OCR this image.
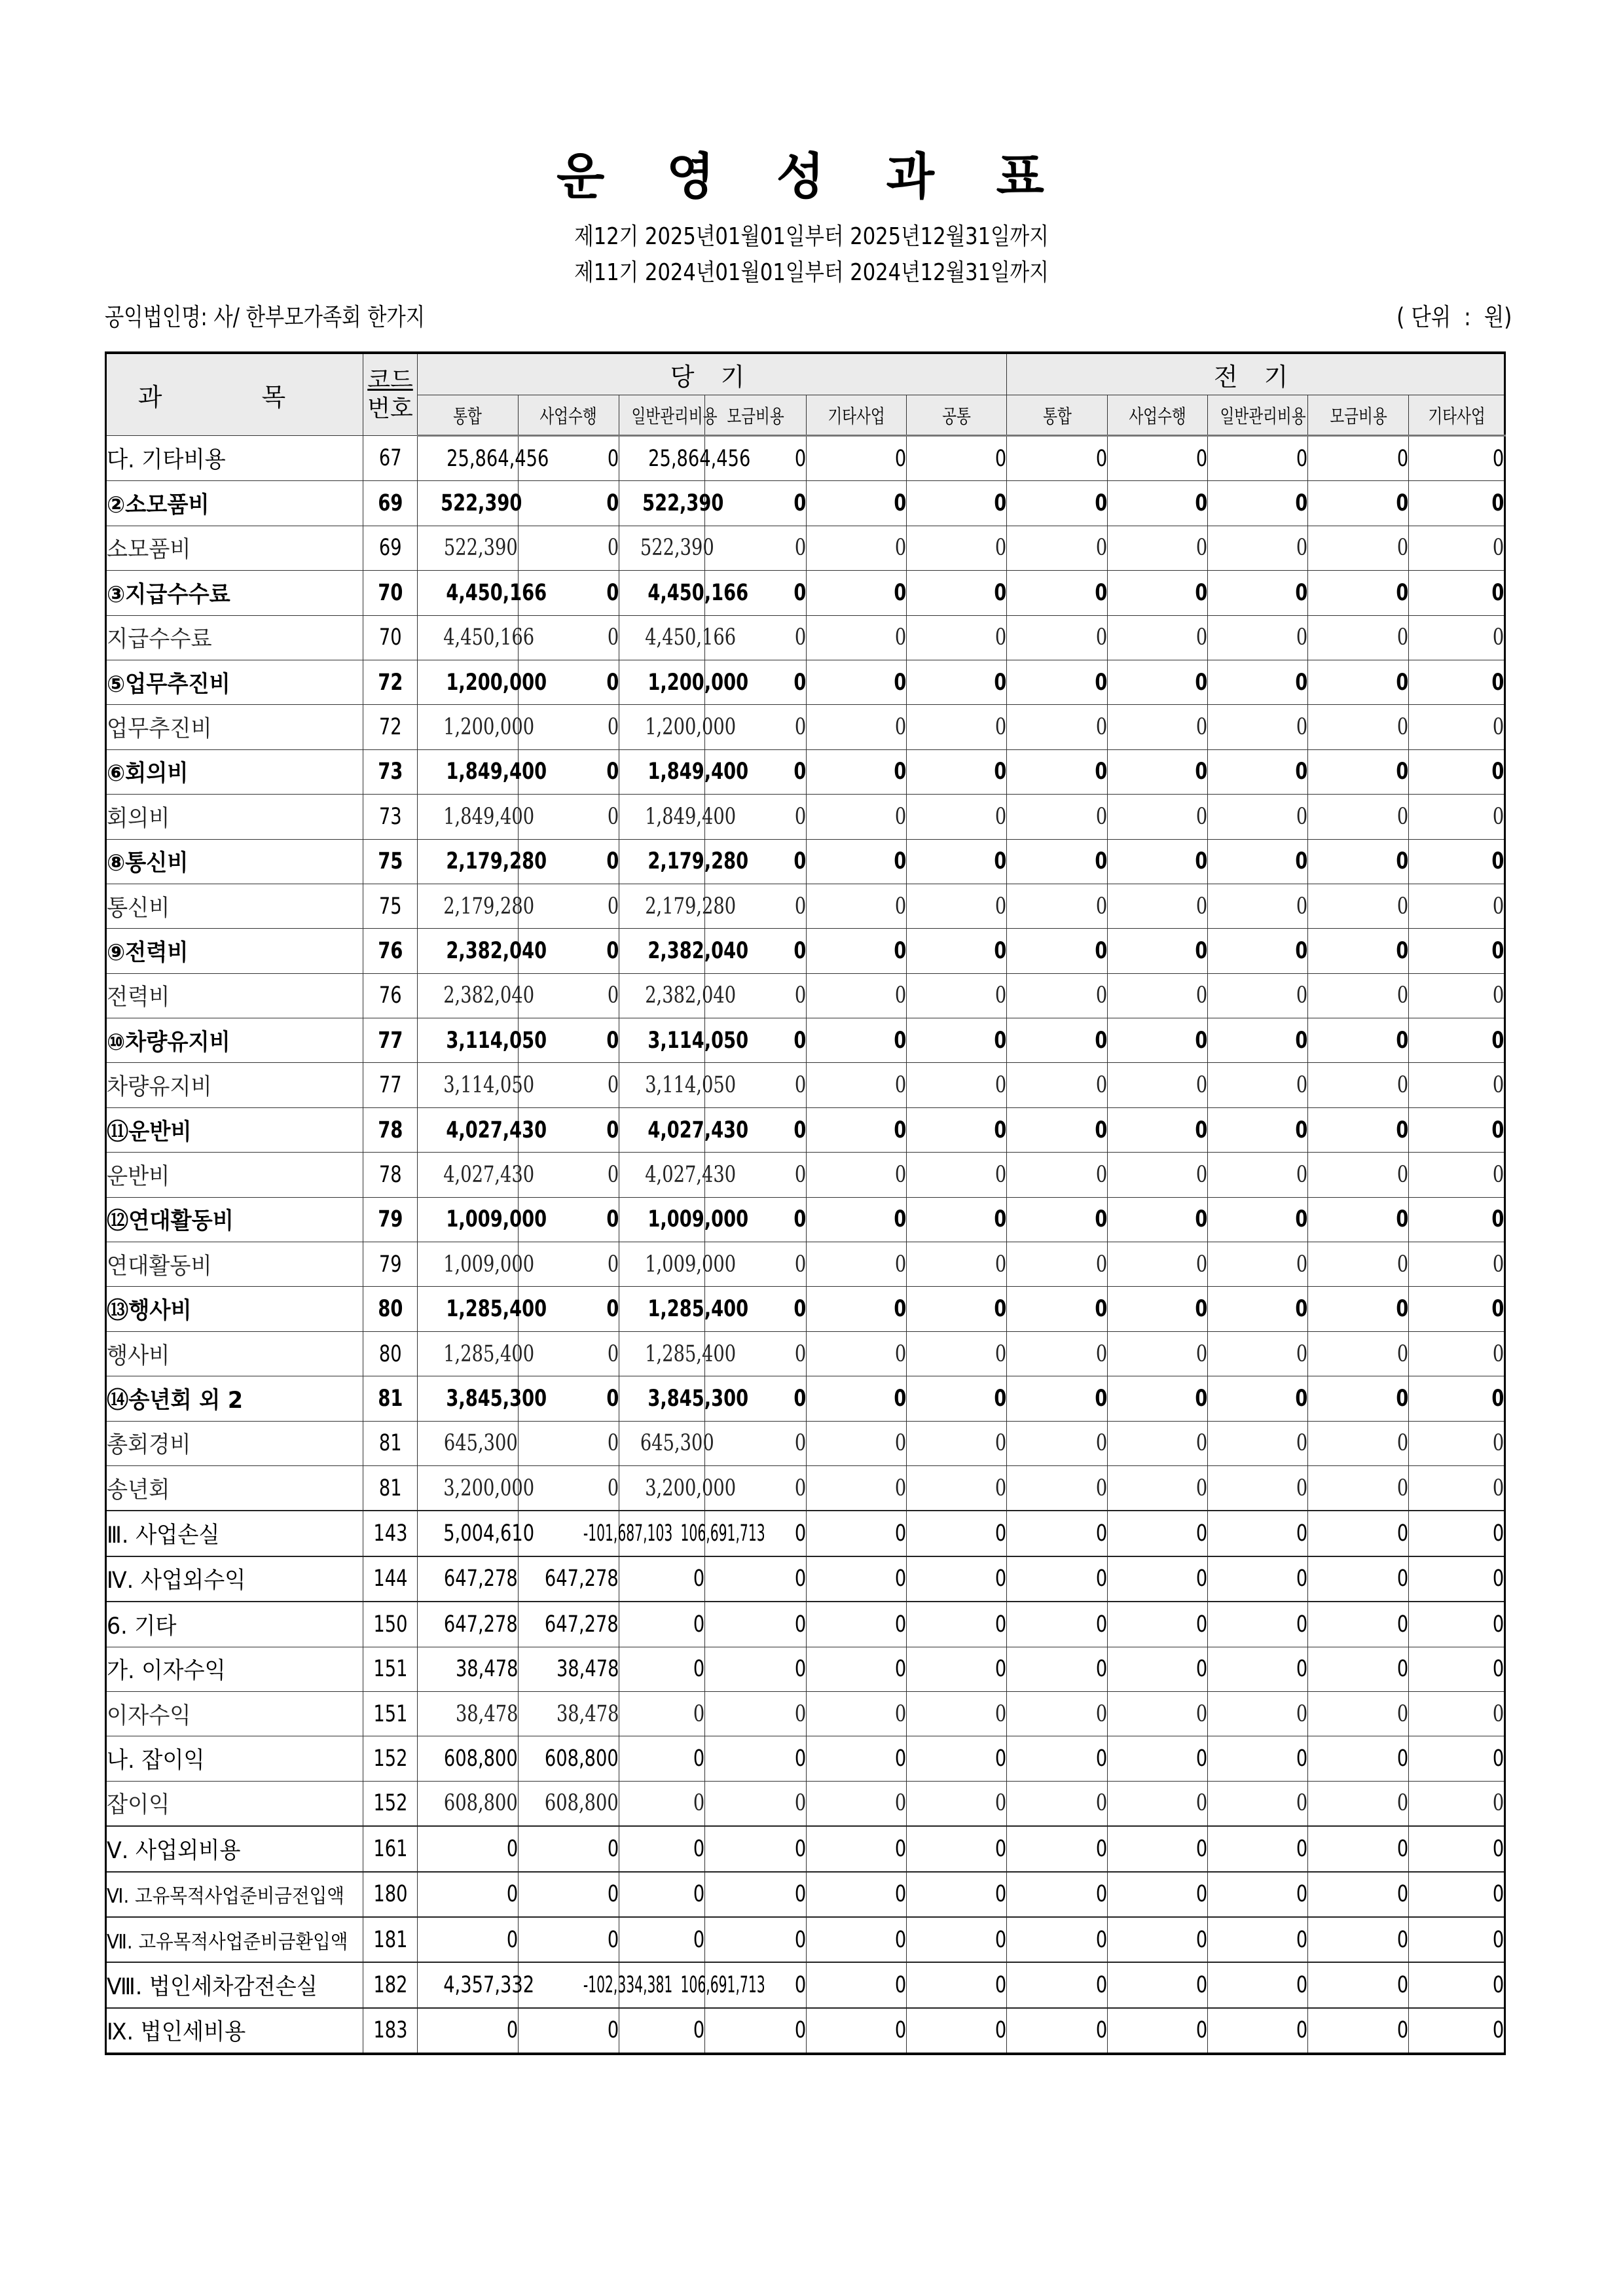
운 영 성 과 표
제12기 2025년01월01일부터 2025년12월31일까지
제11기 2024년01월01일부터 2024년12월31일까지
공익법인명: 사/ 한부모가족회 한가지	( 단위  :  원)
과 목	코드
번호	당 기						전 기				
		통합	사업수행	일반관리비용	모금비용	기타사업	공통	통합	사업수행	일반관리비용	모금비용	기타사업
다. 기타비용	67	25,864,456	0	25,864,456	0	0	0	0	0	0	0	0
②소모품비	69	522,390	0	522,390	0	0	0	0	0	0	0	0
소모품비	69	522,390	0	522,390	0	0	0	0	0	0	0	0
③지급수수료	70	4,450,166	0	4,450,166	0	0	0	0	0	0	0	0
지급수수료	70	4,450,166	0	4,450,166	0	0	0	0	0	0	0	0
⑤업무추진비	72	1,200,000	0	1,200,000	0	0	0	0	0	0	0	0
업무추진비	72	1,200,000	0	1,200,000	0	0	0	0	0	0	0	0
⑥회의비	73	1,849,400	0	1,849,400	0	0	0	0	0	0	0	0
회의비	73	1,849,400	0	1,849,400	0	0	0	0	0	0	0	0
⑧통신비	75	2,179,280	0	2,179,280	0	0	0	0	0	0	0	0
통신비	75	2,179,280	0	2,179,280	0	0	0	0	0	0	0	0
⑨전력비	76	2,382,040	0	2,382,040	0	0	0	0	0	0	0	0
전력비	76	2,382,040	0	2,382,040	0	0	0	0	0	0	0	0
⑩차량유지비	77	3,114,050	0	3,114,050	0	0	0	0	0	0	0	0
차량유지비	77	3,114,050	0	3,114,050	0	0	0	0	0	0	0	0
⑪운반비	78	4,027,430	0	4,027,430	0	0	0	0	0	0	0	0
운반비	78	4,027,430	0	4,027,430	0	0	0	0	0	0	0	0
⑫연대활동비	79	1,009,000	0	1,009,000	0	0	0	0	0	0	0	0
연대활동비	79	1,009,000	0	1,009,000	0	0	0	0	0	0	0	0
⑬행사비	80	1,285,400	0	1,285,400	0	0	0	0	0	0	0	0
행사비	80	1,285,400	0	1,285,400	0	0	0	0	0	0	0	0
⑭송년회 외 2	81	3,845,300	0	3,845,300	0	0	0	0	0	0	0	0
총회경비	81	645,300	0	645,300	0	0	0	0	0	0	0	0
송년회	81	3,200,000	0	3,200,000	0	0	0	0	0	0	0	0
Ⅲ. 사업손실	143	5,004,610	-101,687,103	106,691,713	0	0	0	0	0	0	0	0
Ⅳ. 사업외수익	144	647,278	647,278	0	0	0	0	0	0	0	0	0
6. 기타	150	647,278	647,278	0	0	0	0	0	0	0	0	0
가. 이자수익	151	38,478	38,478	0	0	0	0	0	0	0	0	0
이자수익	151	38,478	38,478	0	0	0	0	0	0	0	0	0
나. 잡이익	152	608,800	608,800	0	0	0	0	0	0	0	0	0
잡이익	152	608,800	608,800	0	0	0	0	0	0	0	0	0
Ⅴ. 사업외비용	161	0	0	0	0	0	0	0	0	0	0	0
Ⅵ. 고유목적사업준비금전입액	180	0	0	0	0	0	0	0	0	0	0	0
Ⅶ. 고유목적사업준비금환입액	181	0	0	0	0	0	0	0	0	0	0	0
Ⅷ. 법인세차감전손실	182	4,357,332	-102,334,381	106,691,713	0	0	0	0	0	0	0	0
Ⅸ. 법인세비용	183	0	0	0	0	0	0	0	0	0	0	0
